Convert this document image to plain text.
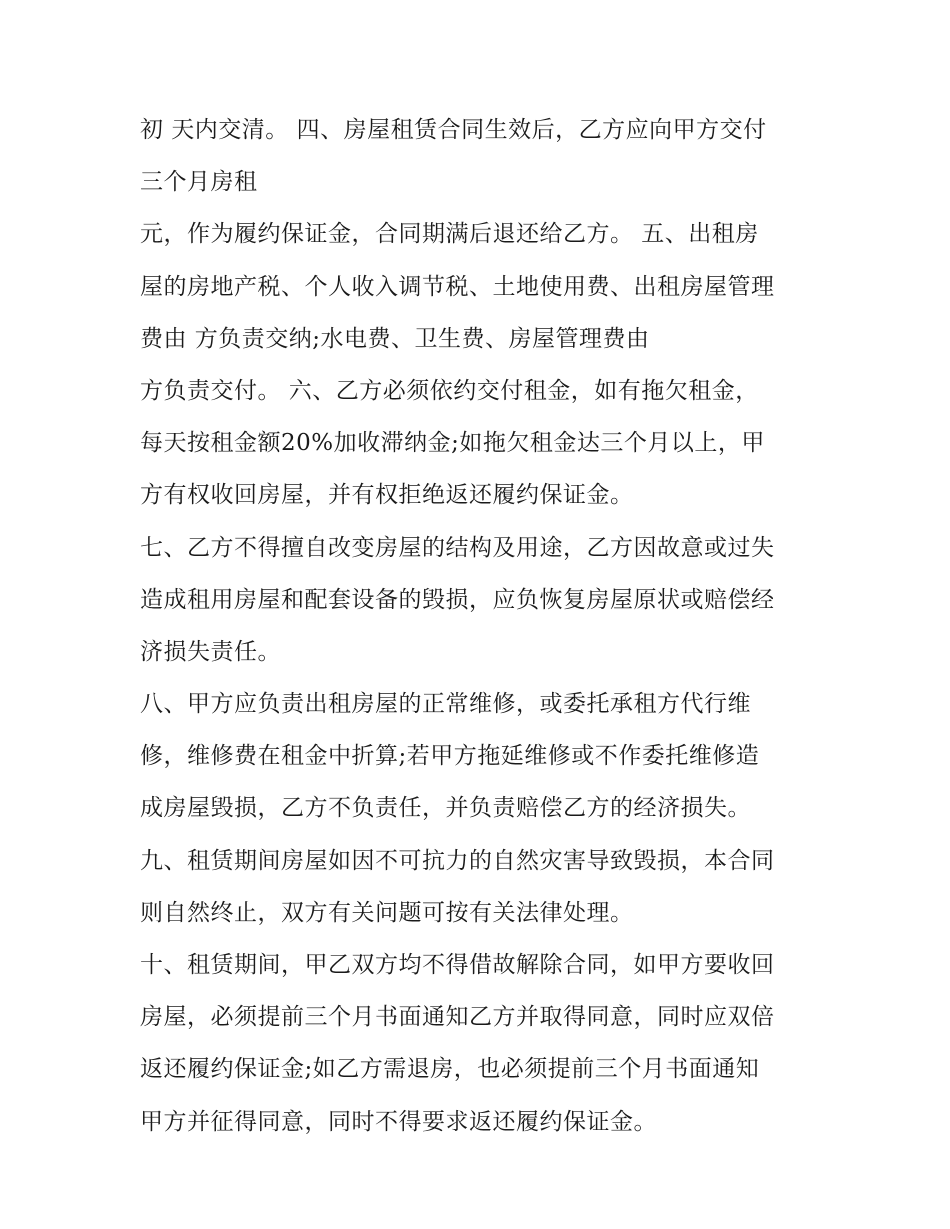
初 天内交清。 四、房屋租赁合同生效后，乙方应向甲方交付
三个月房租
元，作为履约保证金，合同期满后退还给乙方。 五、出租房
屋的房地产税、个人收入调节税、土地使用费、出租房屋管理
费由 方负责交纳;水电费、卫生费、房屋管理费由
方负责交付。 六、乙方必须依约交付租金，如有拖欠租金，
每天按租金额20%加收滞纳金;如拖欠租金达三个月以上，甲
方有权收回房屋，并有权拒绝返还履约保证金。
七、乙方不得擅自改变房屋的结构及用途，乙方因故意或过失
造成租用房屋和配套设备的毁损，应负恢复房屋原状或赔偿经
济损失责任。
八、甲方应负责出租房屋的正常维修，或委托承租方代行维
修，维修费在租金中折算;若甲方拖延维修或不作委托维修造
成房屋毁损，乙方不负责任，并负责赔偿乙方的经济损失。
九、租赁期间房屋如因不可抗力的自然灾害导致毁损，本合同
则自然终止，双方有关问题可按有关法律处理。
十、租赁期间，甲乙双方均不得借故解除合同，如甲方要收回
房屋，必须提前三个月书面通知乙方并取得同意，同时应双倍
返还履约保证金;如乙方需退房，也必须提前三个月书面通知
甲方并征得同意，同时不得要求返还履约保证金。
